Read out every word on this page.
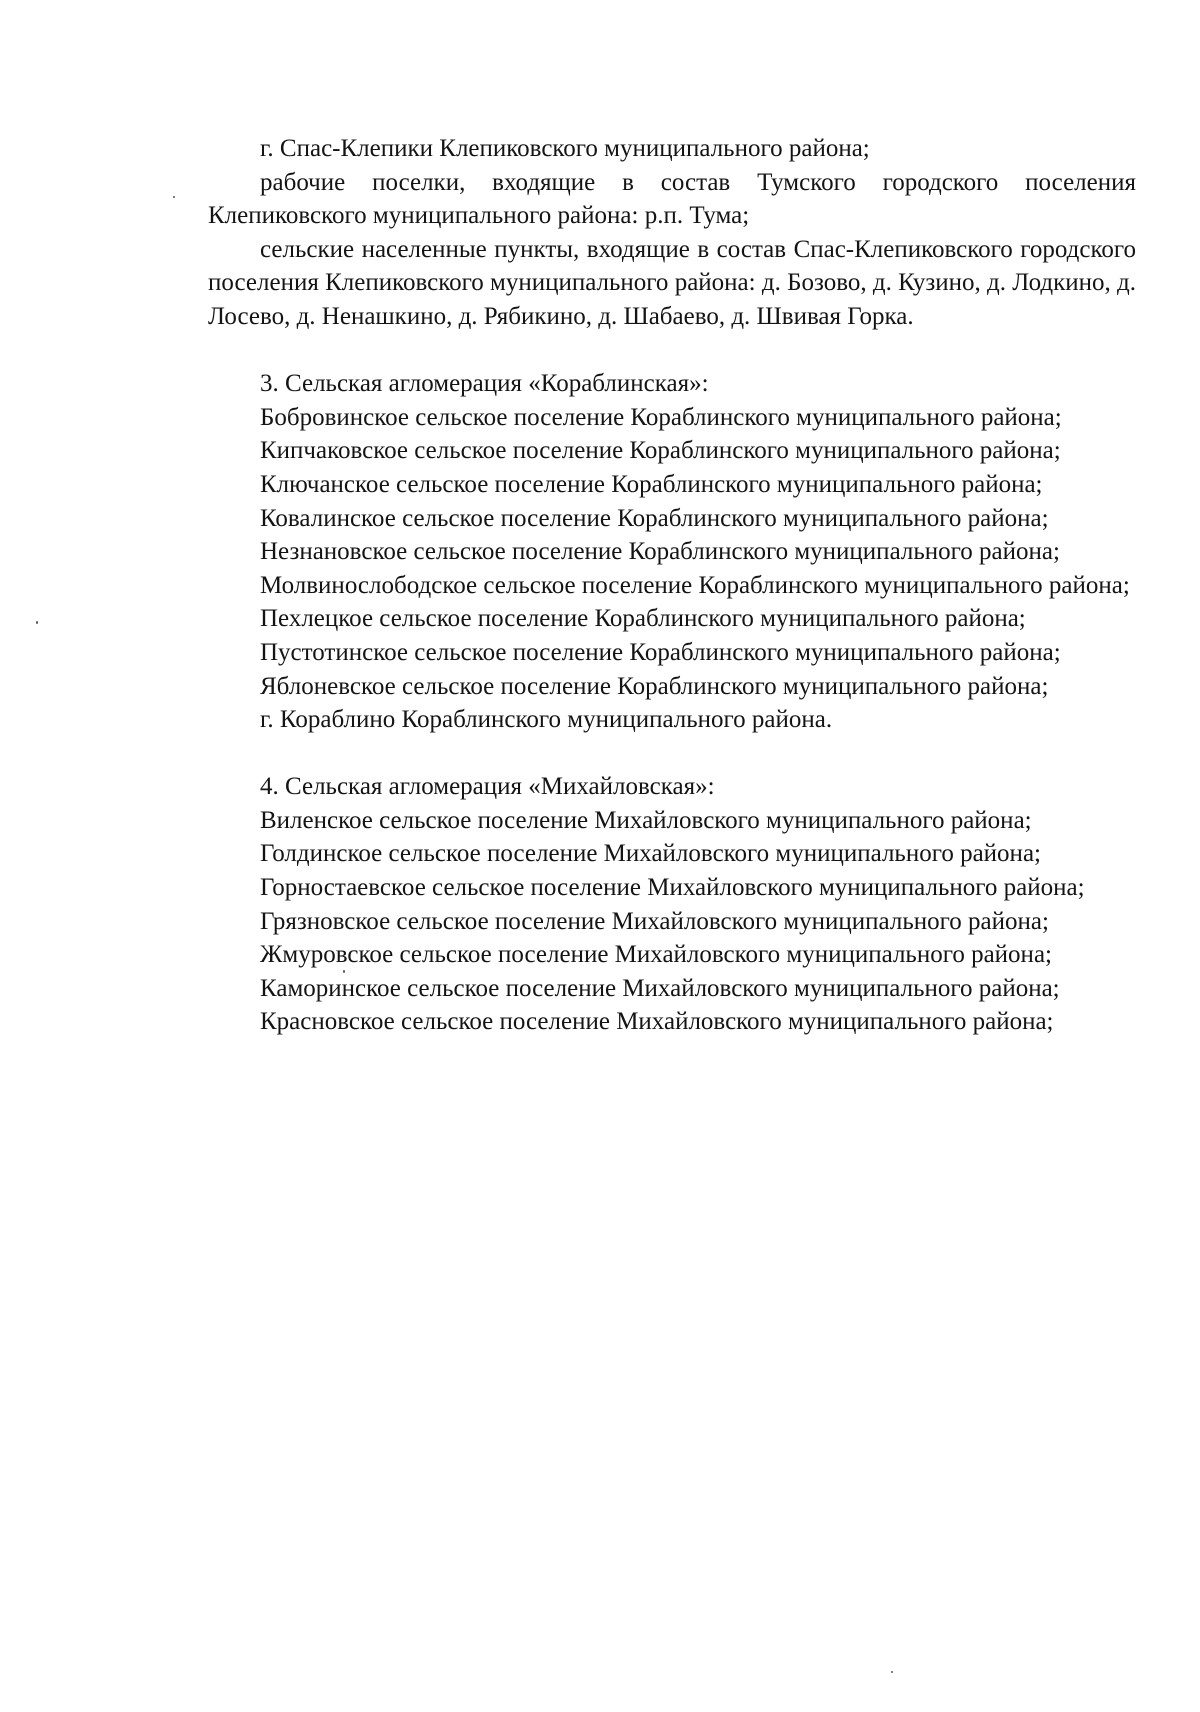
г. Спас-Клепики Клепиковского муниципального района;

рабочие поселки, входящие в состав Тумского городского поселения Клепиковского муниципального района: р.п. Тума;

сельские населенные пункты, входящие в состав Спас-Клепиковского городского поселения Клепиковского муниципального района: д. Бозово, д. Кузино, д. Лодкино, д. Лосево, д. Ненашкино, д. Рябикино, д. Шабаево, д. Швивая Горка.

3. Сельская агломерация «Кораблинская»:

Бобровинское сельское поселение Кораблинского муниципального района;

Кипчаковское сельское поселение Кораблинского муниципального района;

Ключанское сельское поселение Кораблинского муниципального района;

Ковалинское сельское поселение Кораблинского муниципального района;

Незнановское сельское поселение Кораблинского муниципального района;

Молвинослободское сельское поселение Кораблинского муниципального района;

Пехлецкое сельское поселение Кораблинского муниципального района;

Пустотинское сельское поселение Кораблинского муниципального района;

Яблоневское сельское поселение Кораблинского муниципального района;

г. Кораблино Кораблинского муниципального района.

4. Сельская агломерация «Михайловская»:

Виленское сельское поселение Михайловского муниципального района;

Голдинское сельское поселение Михайловского муниципального района;

Горностаевское сельское поселение Михайловского муниципального района;

Грязновское сельское поселение Михайловского муниципального района;

Жмуровское сельское поселение Михайловского муниципального района;

Каморинское сельское поселение Михайловского муниципального района;

Красновское сельское поселение Михайловского муниципального района;
